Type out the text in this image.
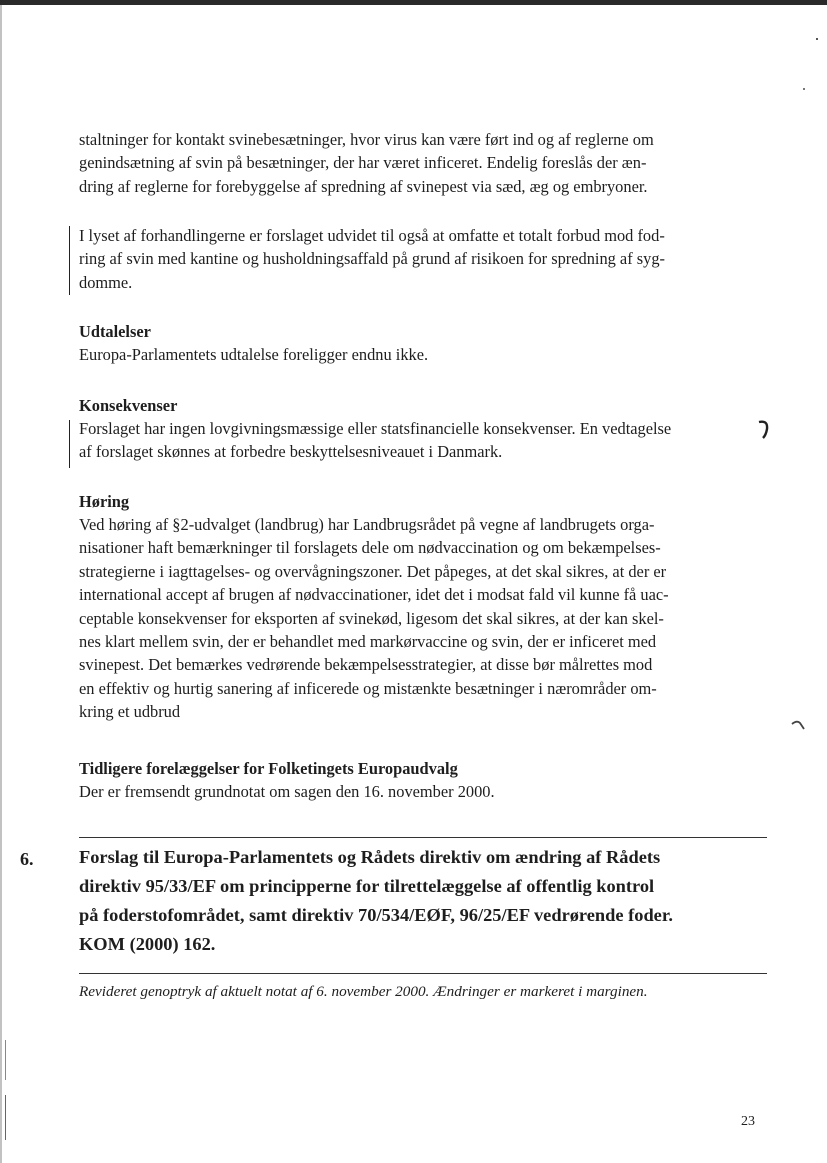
staltninger for kontakt svinebesætninger, hvor virus kan være ført ind og af reglerne om
genindsætning af svin på besætninger, der har været inficeret. Endelig foreslås der æn-
dring af reglerne for forebyggelse af spredning af svinepest via sæd, æg og embryoner.

I lyset af forhandlingerne er forslaget udvidet til også at omfatte et totalt forbud mod fod-
ring af svin med kantine og husholdningsaffald på grund af risikoen for spredning af syg-
domme.

Udtalelser

Europa-Parlamentets udtalelse foreligger endnu ikke.

Konsekvenser

Forslaget har ingen lovgivningsmæssige eller statsfinancielle konsekvenser. En vedtagelse
af forslaget skønnes at forbedre beskyttelsesniveauet i Danmark.

Høring

Ved høring af §2-udvalget (landbrug) har Landbrugsrådet på vegne af landbrugets orga-
nisationer haft bemærkninger til forslagets dele om nødvaccination og om bekæmpelses-
strategierne i iagttagelses- og overvågningszoner. Det påpeges, at det skal sikres, at der er
international accept af brugen af nødvaccinationer, idet det i modsat fald vil kunne få uac-
ceptable konsekvenser for eksporten af svinekød, ligesom det skal sikres, at der kan skel-
nes klart mellem svin, der er behandlet med markørvaccine og svin, der er inficeret med
svinepest. Det bemærkes vedrørende bekæmpelsesstrategier, at disse bør målrettes mod
en effektiv og hurtig sanering af inficerede og mistænkte besætninger i nærområder om-
kring et udbrud

Tidligere forelæggelser for Folketingets Europaudvalg

Der er fremsendt grundnotat om sagen den 16. november 2000.

6. Forslag til Europa-Parlamentets og Rådets direktiv om ændring af Rådets
direktiv 95/33/EF om principperne for tilrettelæggelse af offentlig kontrol
på foderstofområdet, samt direktiv 70/534/EØF, 96/25/EF vedrørende foder.
KOM (2000) 162.
Revideret genoptryk af aktuelt notat af 6. november 2000. Ændringer er markeret i marginen.
23
